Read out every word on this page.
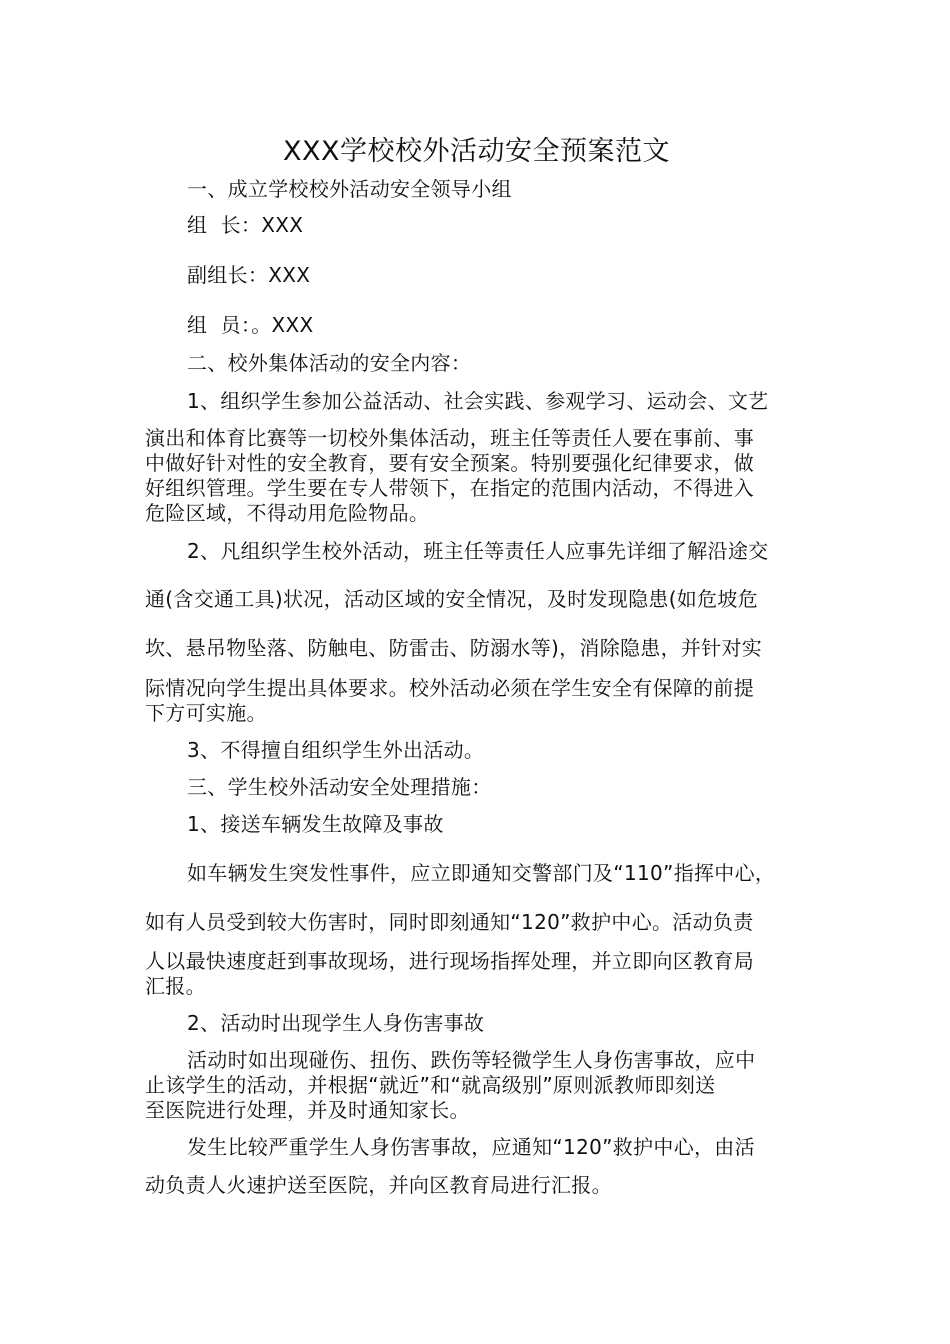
XXX学校校外活动安全预案范文
一、成立学校校外活动安全领导小组
组  长：XXX
副组长：XXX
组  员：。XXX
二、校外集体活动的安全内容：
1、组织学生参加公益活动、社会实践、参观学习、运动会、文艺
演出和体育比赛等一切校外集体活动，班主任等责任人要在事前、事
中做好针对性的安全教育，要有安全预案。特别要强化纪律要求，做
好组织管理。学生要在专人带领下，在指定的范围内活动，不得进入
危险区域，不得动用危险物品。
2、凡组织学生校外活动，班主任等责任人应事先详细了解沿途交
通(含交通工具)状况，活动区域的安全情况，及时发现隐患(如危坡危
坎、悬吊物坠落、防触电、防雷击、防溺水等)，消除隐患，并针对实
际情况向学生提出具体要求。校外活动必须在学生安全有保障的前提
下方可实施。
3、不得擅自组织学生外出活动。
三、学生校外活动安全处理措施：
1、接送车辆发生故障及事故
如车辆发生突发性事件，应立即通知交警部门及“110”指挥中心，
如有人员受到较大伤害时，同时即刻通知“120”救护中心。活动负责
人以最快速度赶到事故现场，进行现场指挥处理，并立即向区教育局
汇报。
2、活动时出现学生人身伤害事故
活动时如出现碰伤、扭伤、跌伤等轻微学生人身伤害事故，应中
止该学生的活动，并根据“就近”和“就高级别”原则派教师即刻送
至医院进行处理，并及时通知家长。
发生比较严重学生人身伤害事故，应通知“120”救护中心，由活
动负责人火速护送至医院，并向区教育局进行汇报。
